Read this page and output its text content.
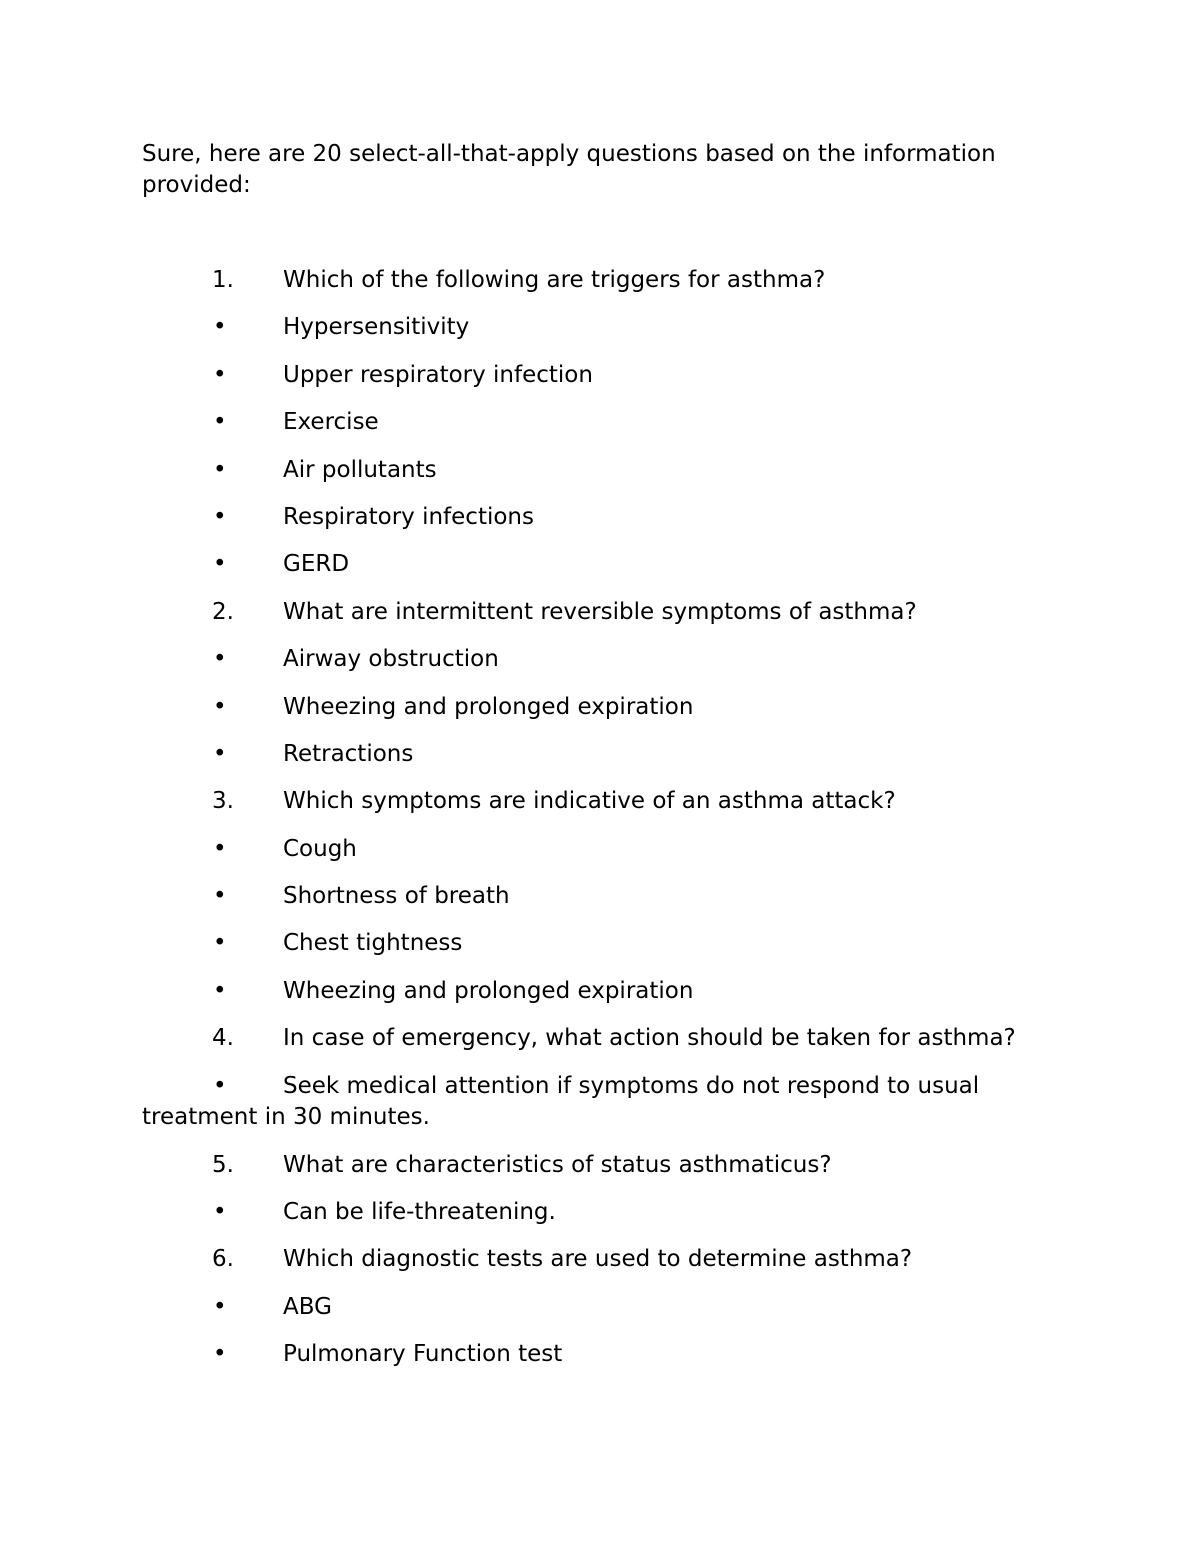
Sure, here are 20 select-all-that-apply questions based on the information provided:

1. Which of the following are triggers for asthma?
• Hypersensitivity
• Upper respiratory infection
• Exercise
• Air pollutants
• Respiratory infections
• GERD
2. What are intermittent reversible symptoms of asthma?
• Airway obstruction
• Wheezing and prolonged expiration
• Retractions
3. Which symptoms are indicative of an asthma attack?
• Cough
• Shortness of breath
• Chest tightness
• Wheezing and prolonged expiration
4. In case of emergency, what action should be taken for asthma?
•	Seek medical attention if symptoms do not respond to usual treatment in 30 minutes.
5. What are characteristics of status asthmaticus?
• Can be life-threatening.
6. Which diagnostic tests are used to determine asthma?
• ABG
• Pulmonary Function test
